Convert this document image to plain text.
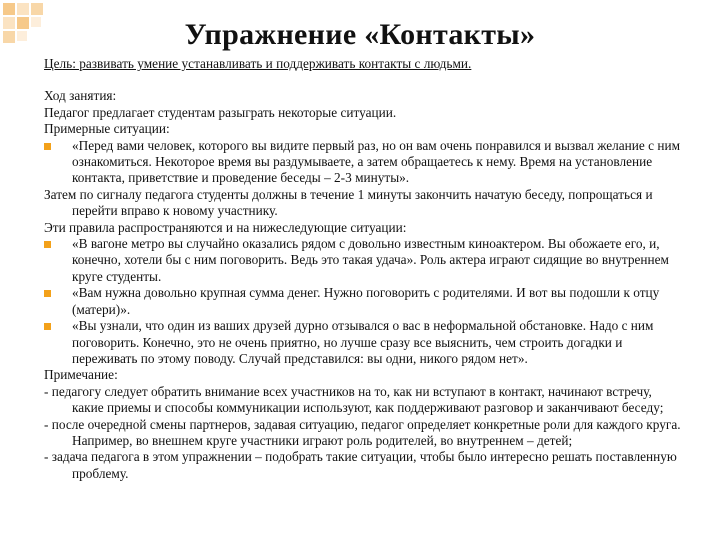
Упражнение «Контакты»
Цель: развивать умение устанавливать и поддерживать контакты с людьми.
Ход занятия:
Педагог предлагает студентам разыграть некоторые ситуации.
Примерные ситуации:
«Перед вами человек, которого вы видите первый раз, но он вам очень понравился и вызвал желание с ним ознакомиться. Некоторое время вы раздумываете, а затем обращаетесь к нему. Время на установление контакта, приветствие и проведение беседы – 2-3 минуты».
Затем по сигналу педагога студенты должны в течение 1 минуты закончить начатую беседу, попрощаться и перейти вправо к новому участнику.
Эти правила распространяются и на нижеследующие ситуации:
«В вагоне метро вы случайно оказались рядом с довольно известным киноактером. Вы обожаете его, и, конечно, хотели бы с ним поговорить. Ведь это такая удача». Роль актера играют сидящие во внутреннем круге студенты.
«Вам нужна довольно крупная сумма денег. Нужно поговорить с родителями. И вот вы подошли к отцу (матери)».
«Вы узнали, что один из ваших друзей дурно отзывался о вас в неформальной обстановке. Надо с ним поговорить. Конечно, это не очень приятно, но лучше сразу все выяснить, чем строить догадки и переживать по этому поводу. Случай представился: вы одни, никого рядом нет».
Примечание:
- педагогу следует обратить внимание всех участников на то, как ни вступают в контакт, начинают встречу, какие приемы и способы коммуникации используют, как поддерживают разговор и заканчивают беседу;
- после очередной смены партнеров, задавая ситуацию, педагог определяет конкретные роли для каждого круга. Например, во внешнем круге участники играют роль родителей, во внутреннем – детей;
- задача педагога в этом упражнении – подобрать такие ситуации, чтобы было интересно решать поставленную проблему.
